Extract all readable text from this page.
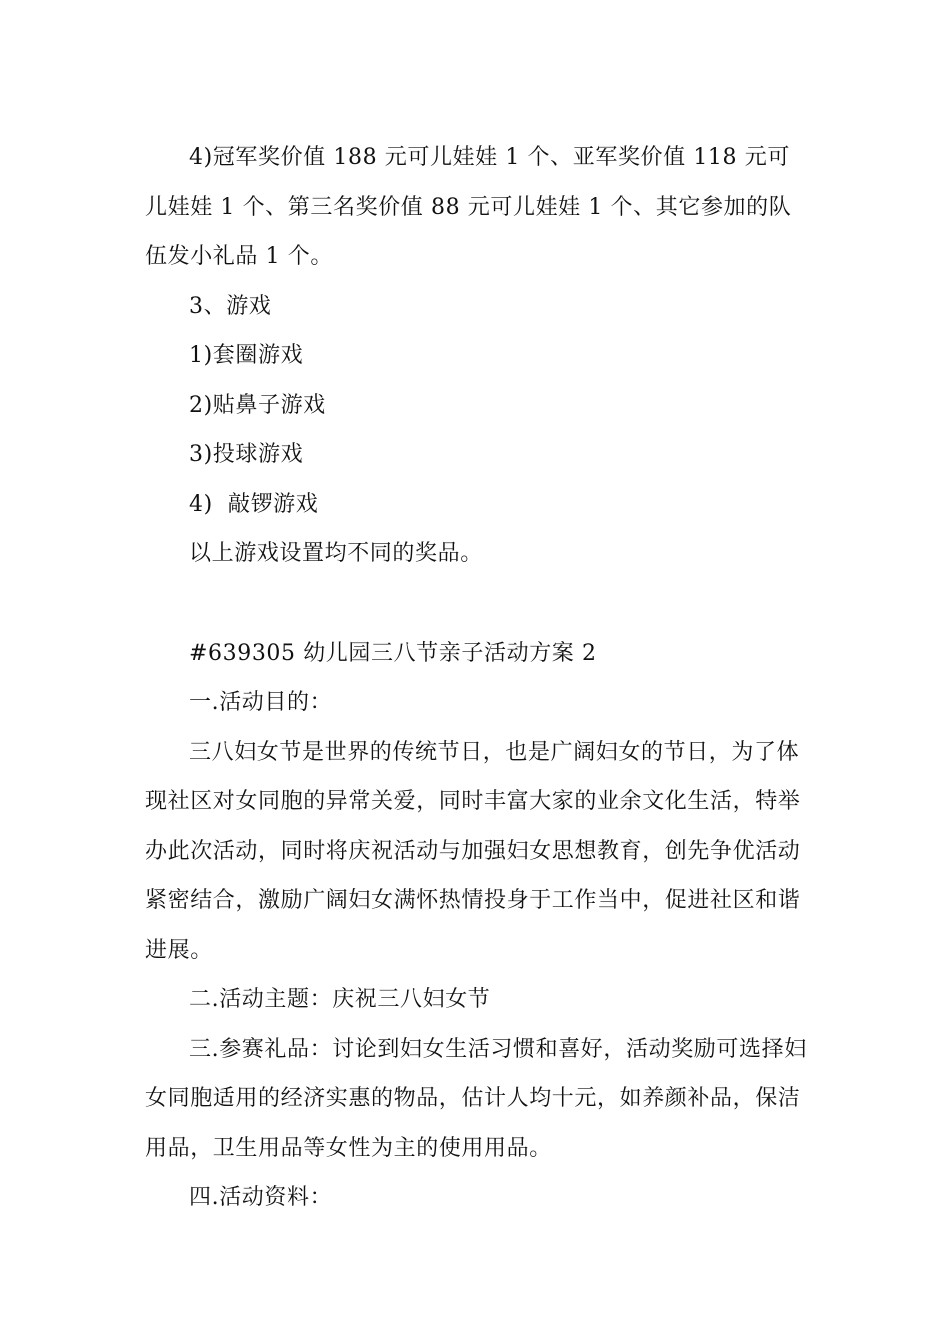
4)冠军奖价值 188 元可儿娃娃 1 个、亚军奖价值 118 元可儿娃娃 1 个、第三名奖价值 88 元可儿娃娃 1 个、其它参加的队伍发小礼品 1 个。

3、游戏

1)套圈游戏

2)贴鼻子游戏

3)投球游戏

4)  敲锣游戏

以上游戏设置均不同的奖品。

#639305 幼儿园三八节亲子活动方案 2

一.活动目的：

三八妇女节是世界的传统节日，也是广阔妇女的节日，为了体现社区对女同胞的异常关爱，同时丰富大家的业余文化生活，特举办此次活动，同时将庆祝活动与加强妇女思想教育，创先争优活动紧密结合，激励广阔妇女满怀热情投身于工作当中，促进社区和谐进展。

二.活动主题：庆祝三八妇女节

三.参赛礼品：讨论到妇女生活习惯和喜好，活动奖励可选择妇女同胞适用的经济实惠的物品，估计人均十元，如养颜补品，保洁用品，卫生用品等女性为主的使用用品。

四.活动资料：
